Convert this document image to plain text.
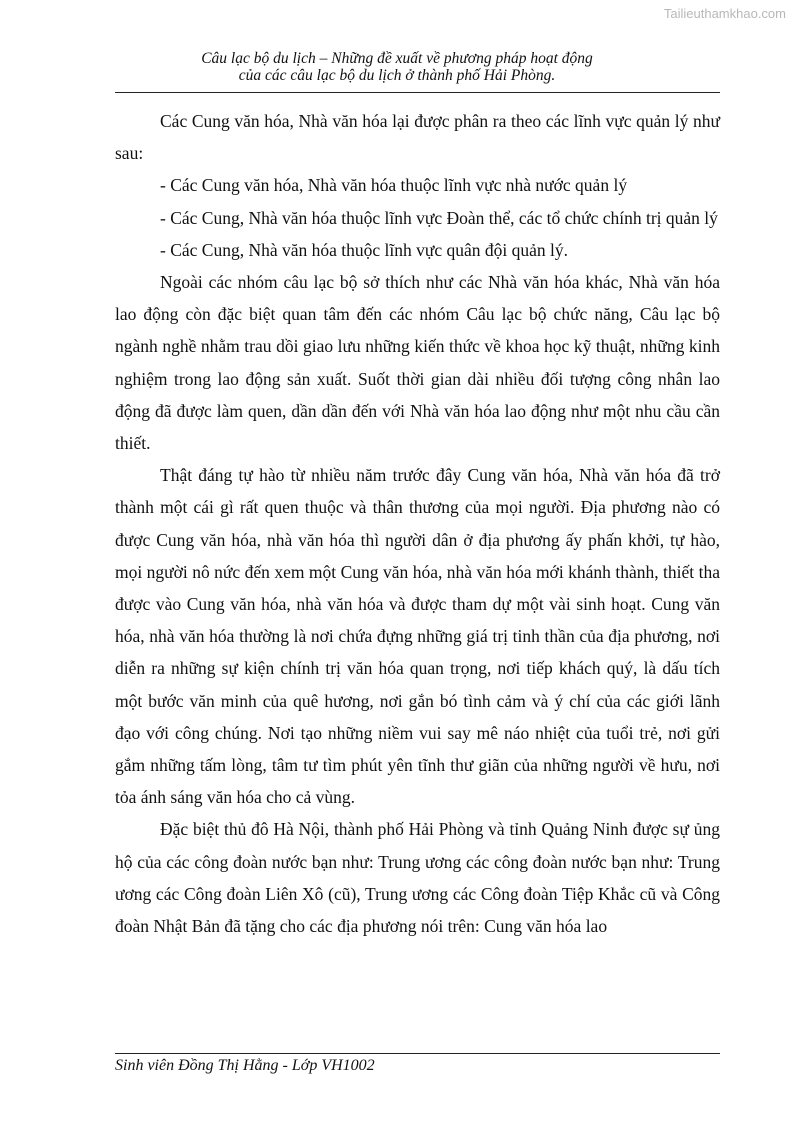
Tailieuthamkhao.com
Câu lạc bộ du lịch – Những đề xuất về phương pháp hoạt động
của các câu lạc bộ du lịch ở thành phố Hải Phòng.

Các Cung văn hóa, Nhà văn hóa lại được phân ra theo các lĩnh vực quản lý như sau:

- Các Cung văn hóa, Nhà văn hóa thuộc lĩnh vực nhà nước quản lý

- Các Cung, Nhà văn hóa thuộc lĩnh vực Đoàn thể, các tổ chức chính trị quản lý

- Các Cung, Nhà văn hóa thuộc lĩnh vực quân đội quản lý.

Ngoài các nhóm câu lạc bộ sở thích như các Nhà văn hóa khác, Nhà văn hóa lao động còn đặc biệt quan tâm đến các nhóm Câu lạc bộ chức năng, Câu lạc bộ ngành nghề nhằm trau dồi giao lưu những kiến thức về khoa học kỹ thuật, những kinh nghiệm trong lao động sản xuất. Suốt thời gian dài nhiều đối tượng công nhân lao động đã được làm quen, dần dần đến với Nhà văn hóa lao động như một nhu cầu cần thiết.

Thật đáng tự hào từ nhiều năm trước đây Cung văn hóa, Nhà văn hóa đã trở thành một cái gì rất quen thuộc và thân thương của mọi người. Địa phương nào có được Cung văn hóa, nhà văn hóa thì người dân ở địa phương ấy phấn khởi, tự hào, mọi người nô nức đến xem một Cung văn hóa, nhà văn hóa mới khánh thành, thiết tha được vào Cung văn hóa, nhà văn hóa và được tham dự một vài sinh hoạt. Cung văn hóa, nhà văn hóa thường là nơi chứa đựng những giá trị tinh thần của địa phương, nơi diễn ra những sự kiện chính trị văn hóa quan trọng, nơi tiếp khách quý, là dấu tích một bước văn minh của quê hương, nơi gắn bó tình cảm và ý chí của các giới lãnh đạo với công chúng. Nơi tạo những niềm vui say mê náo nhiệt của tuổi trẻ, nơi gửi gắm những tấm lòng, tâm tư tìm phút yên tĩnh thư giãn của những người về hưu, nơi tỏa ánh sáng văn hóa cho cả vùng.

Đặc biệt thủ đô Hà Nội, thành phố Hải Phòng và tỉnh Quảng Ninh được sự ủng hộ của các công đoàn nước bạn như: Trung ương các công đoàn nước bạn như: Trung ương các Công đoàn Liên Xô (cũ), Trung ương các Công đoàn Tiệp Khắc cũ và Công đoàn Nhật Bản đã tặng cho các địa phương nói trên: Cung văn hóa lao

Sinh viên Đồng Thị Hằng - Lớp VH1002
